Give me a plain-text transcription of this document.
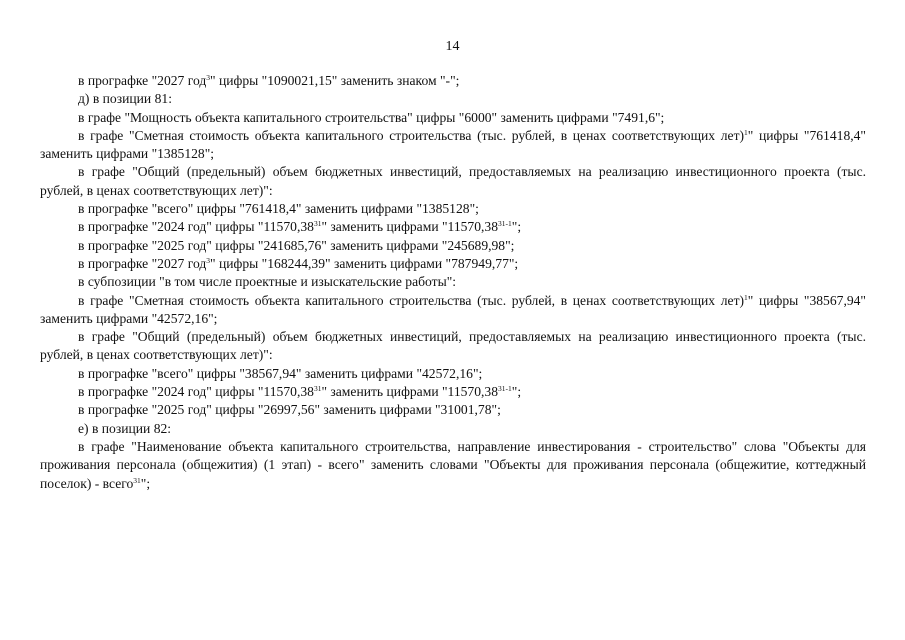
14

в прографке "2027 год$^3$" цифры "1090021,15" заменить знаком "-";

д) в позиции 81:

в графе "Мощность объекта капитального строительства" цифры "6000" заменить цифрами "7491,6";

в графе "Сметная стоимость объекта капитального строительства (тыс. рублей, в ценах соответствующих лет)$^1$" цифры "761418,4" заменить цифрами "1385128";

в графе "Общий (предельный) объем бюджетных инвестиций, предоставляемых на реализацию инвестиционного проекта (тыс. рублей, в ценах соответствующих лет)":

в прографке "всего" цифры "761418,4" заменить цифрами "1385128";

в прографке "2024 год" цифры "11570,38$^{31}$" заменить цифрами "11570,38$^{31-1}$";

в прографке "2025 год" цифры "241685,76" заменить цифрами "245689,98";

в прографке "2027 год$^3$" цифры "168244,39" заменить цифрами "787949,77";

в субпозиции "в том числе проектные и изыскательские работы":

в графе "Сметная стоимость объекта капитального строительства (тыс. рублей, в ценах соответствующих лет)$^1$" цифры "38567,94" заменить цифрами "42572,16";

в графе "Общий (предельный) объем бюджетных инвестиций, предоставляемых на реализацию инвестиционного проекта (тыс. рублей, в ценах соответствующих лет)":

в прографке "всего" цифры "38567,94" заменить цифрами "42572,16";

в прографке "2024 год" цифры "11570,38$^{31}$" заменить цифрами "11570,38$^{31-1}$";

в прографке "2025 год" цифры "26997,56" заменить цифрами "31001,78";

е) в позиции 82:

в графе "Наименование объекта капитального строительства, направление инвестирования - строительство" слова "Объекты для проживания персонала (общежития) (1 этап) - всего" заменить словами "Объекты для проживания персонала (общежитие, коттеджный поселок) - всего$^{31}$";
